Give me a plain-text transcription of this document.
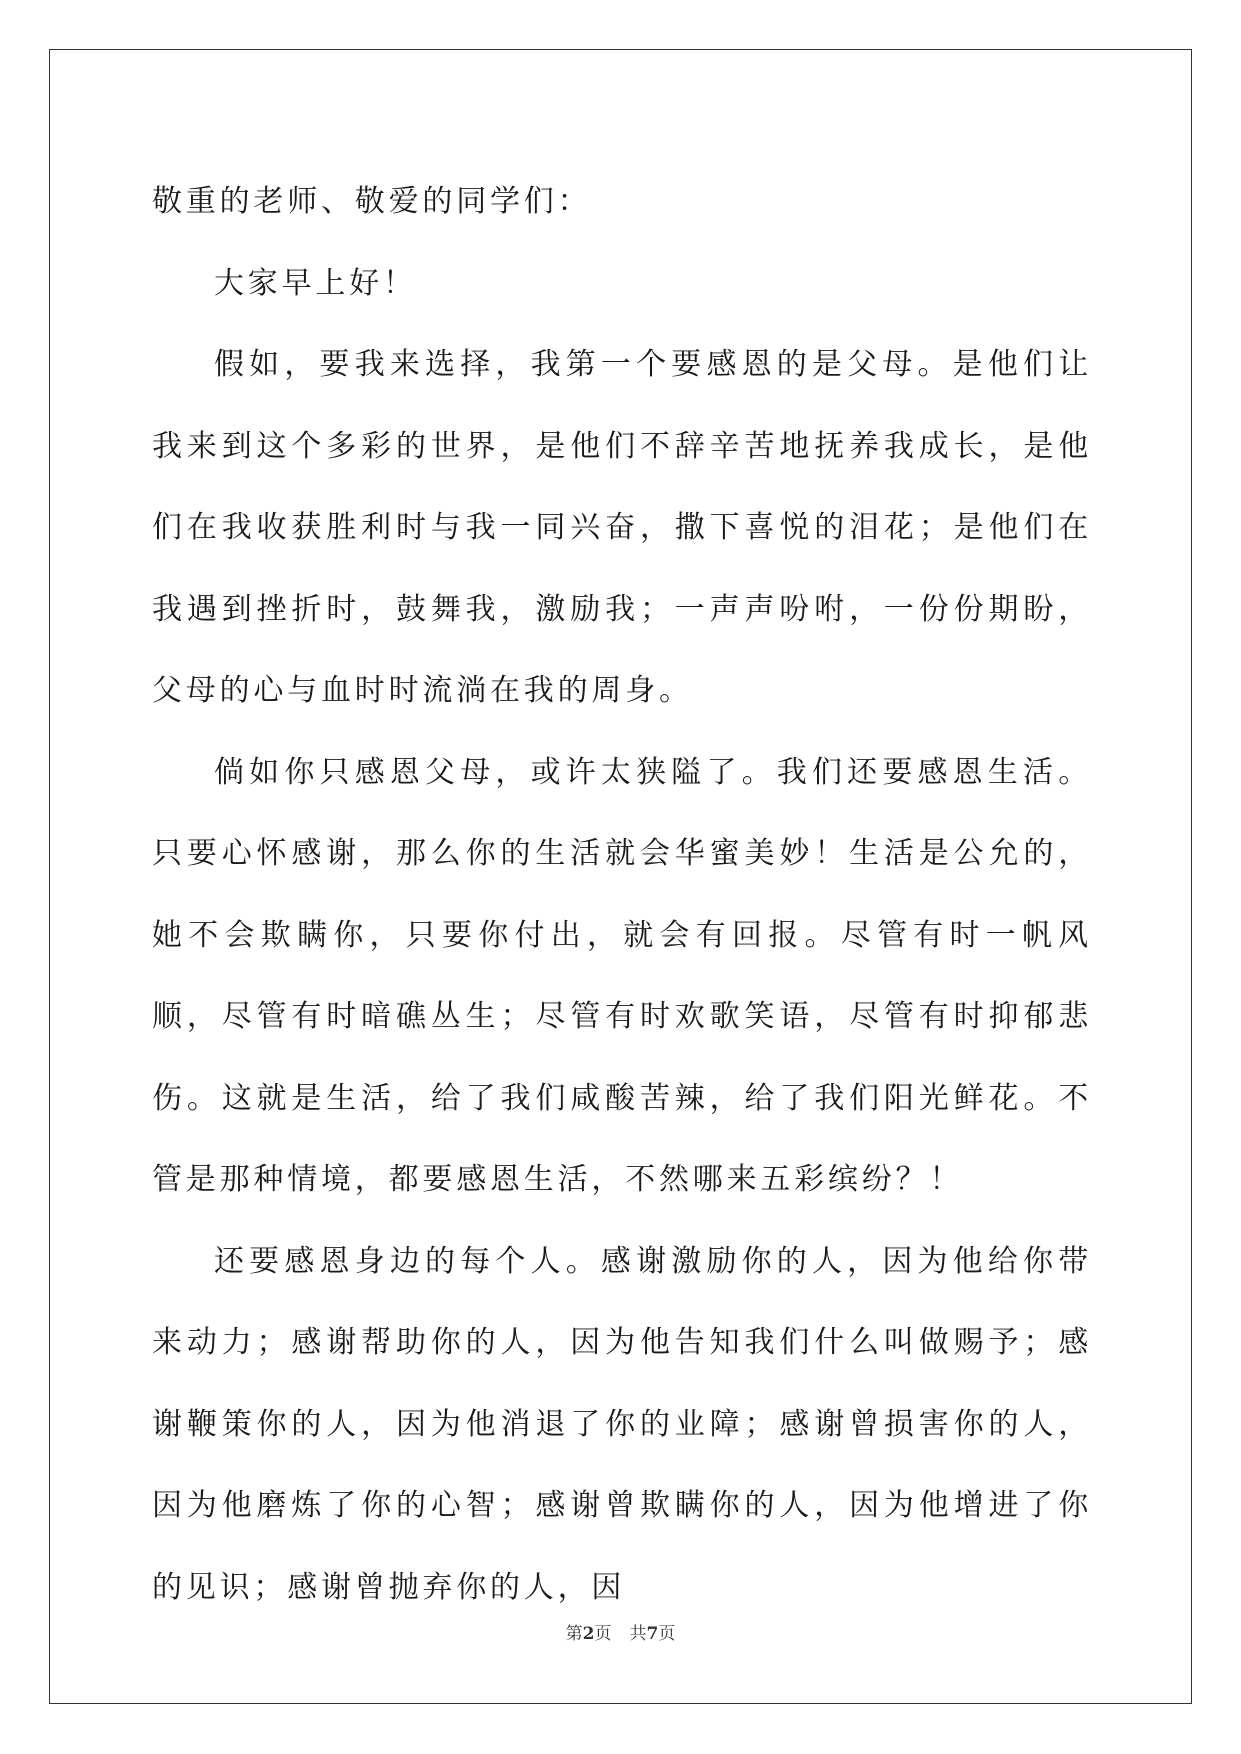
敬重的老师、敬爱的同学们：

大家早上好！

假如，要我来选择，我第一个要感恩的是父母。是他们让我来到这个多彩的世界，是他们不辞辛苦地抚养我成长，是他们在我收获胜利时与我一同兴奋，撒下喜悦的泪花；是他们在我遇到挫折时，鼓舞我，激励我；一声声吩咐，一份份期盼，父母的心与血时时流淌在我的周身。

倘如你只感恩父母，或许太狭隘了。我们还要感恩生活。只要心怀感谢，那么你的生活就会华蜜美妙！生活是公允的，她不会欺瞒你，只要你付出，就会有回报。尽管有时一帆风顺，尽管有时暗礁丛生；尽管有时欢歌笑语，尽管有时抑郁悲伤。这就是生活，给了我们咸酸苦辣，给了我们阳光鲜花。不管是那种情境，都要感恩生活，不然哪来五彩缤纷？！

还要感恩身边的每个人。感谢激励你的人，因为他给你带来动力；感谢帮助你的人，因为他告知我们什么叫做赐予；感谢鞭策你的人，因为他消退了你的业障；感谢曾损害你的人，因为他磨炼了你的心智；感谢曾欺瞒你的人，因为他增进了你的见识；感谢曾抛弃你的人，因

第2页 共7页
